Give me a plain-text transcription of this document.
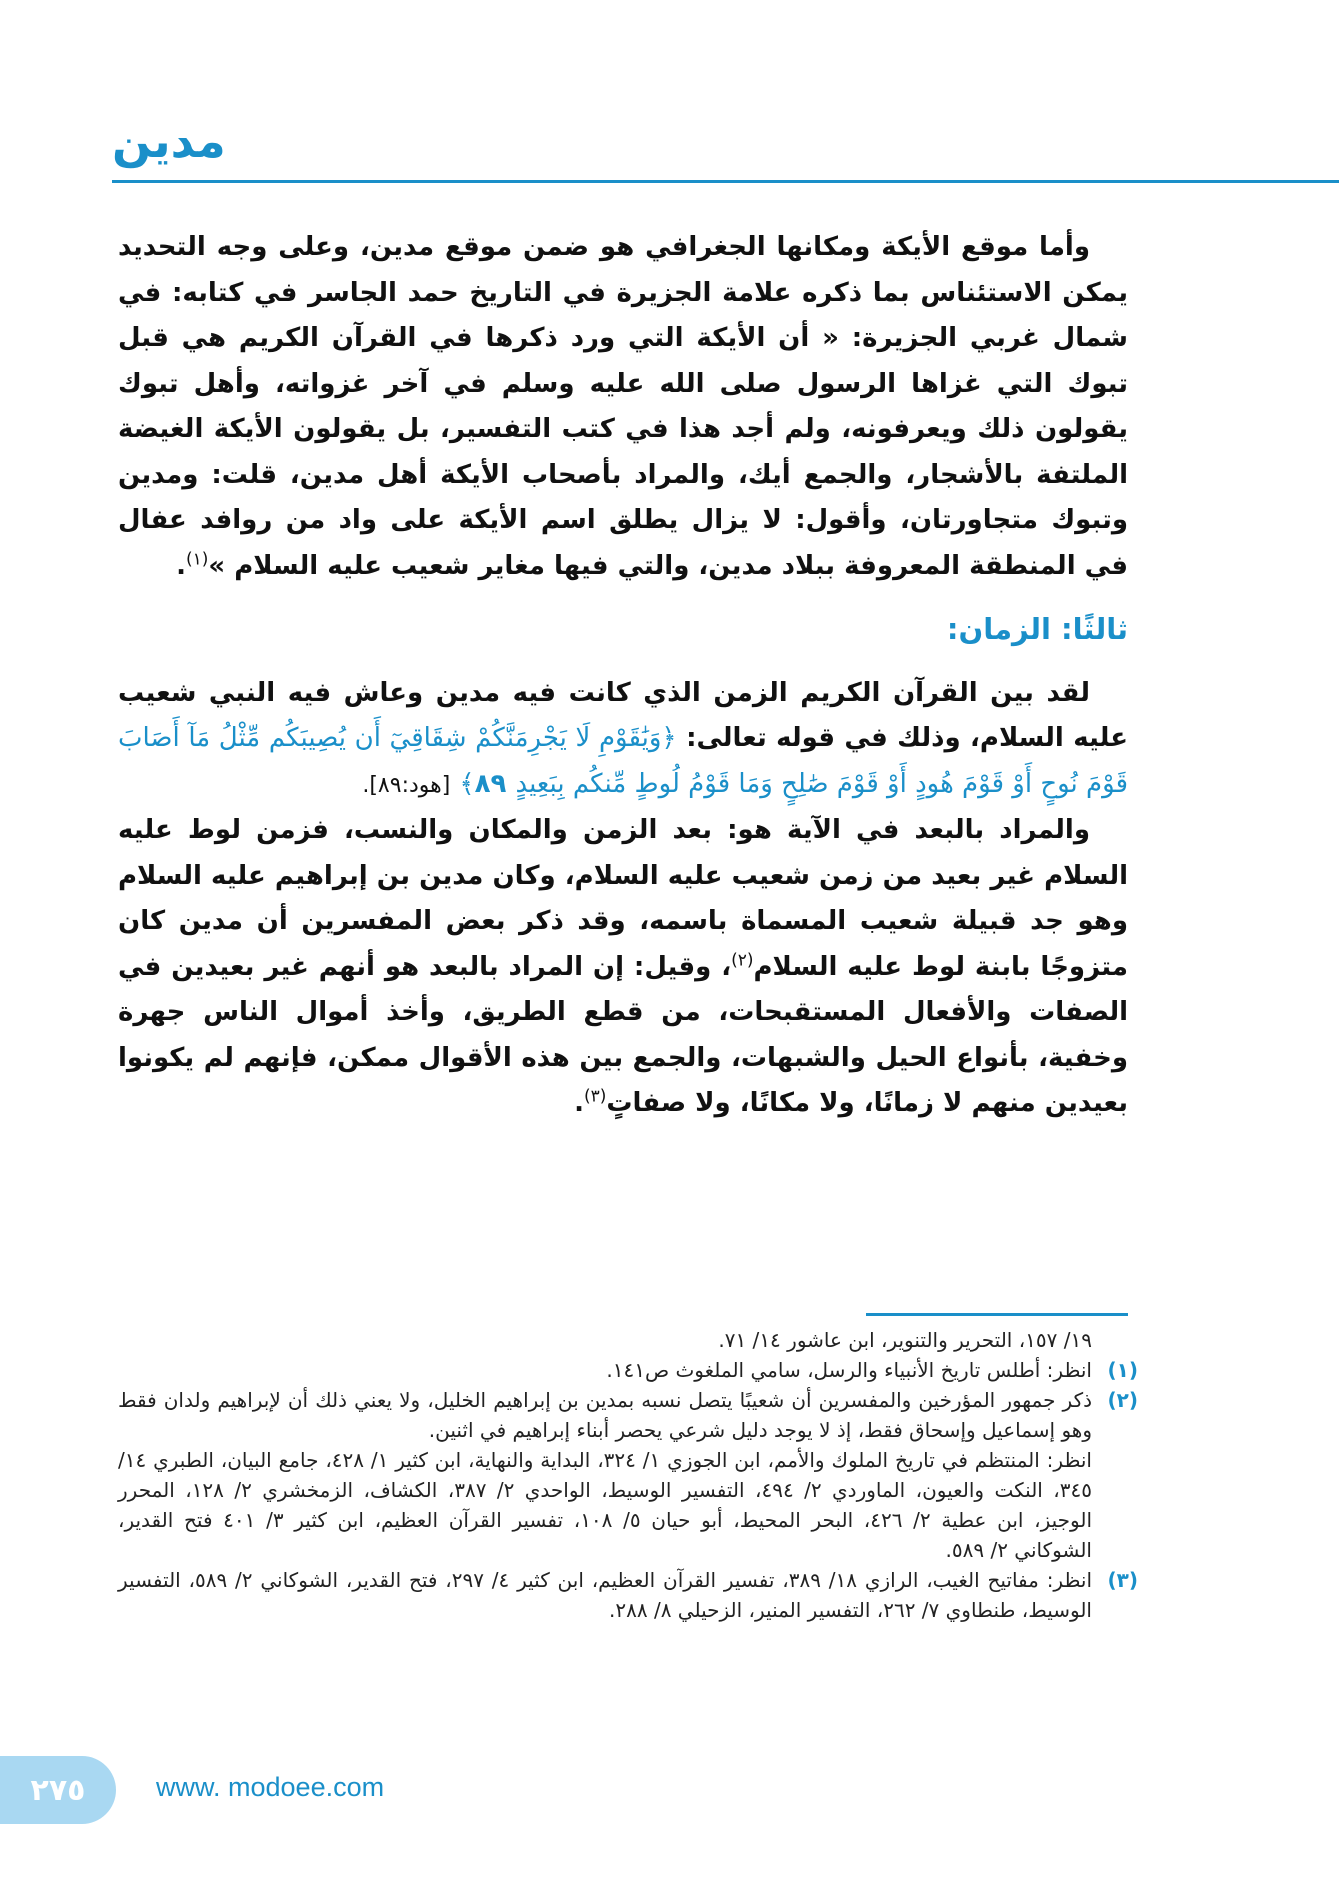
مدين

وأما موقع الأيكة ومكانها الجغرافي هو ضمن موقع مدين، وعلى وجه التحديد يمكن الاستئناس بما ذكره علامة الجزيرة في التاريخ حمد الجاسر في كتابه: في شمال غربي الجزيرة: « أن الأيكة التي ورد ذكرها في القرآن الكريم هي قبل تبوك التي غزاها الرسول صلى الله عليه وسلم في آخر غزواته، وأهل تبوك يقولون ذلك ويعرفونه، ولم أجد هذا في كتب التفسير، بل يقولون الأيكة الغيضة الملتفة بالأشجار، والجمع أيك، والمراد بأصحاب الأيكة أهل مدين، قلت: ومدين وتبوك متجاورتان، وأقول: لا يزال يطلق اسم الأيكة على واد من روافد عفال في المنطقة المعروفة ببلاد مدين، والتي فيها مغاير شعيب عليه السلام »$^{(١)}$.

ثالثًا: الزمان:

لقد بين القرآن الكريم الزمن الذي كانت فيه مدين وعاش فيه النبي شعيب عليه السلام، وذلك في قوله تعالى: ﴿وَيَٰقَوْمِ لَا يَجْرِمَنَّكُمْ شِقَاقِيٓ أَن يُصِيبَكُم مِّثْلُ مَآ أَصَابَ قَوْمَ نُوحٍ أَوْ قَوْمَ هُودٍ أَوْ قَوْمَ صَٰلِحٍ وَمَا قَوْمُ لُوطٍ مِّنكُم بِبَعِيدٍ ٨٩﴾ [هود:٨٩].

والمراد بالبعد في الآية هو: بعد الزمن والمكان والنسب، فزمن لوط عليه السلام غير بعيد من زمن شعيب عليه السلام، وكان مدين بن إبراهيم عليه السلام وهو جد قبيلة شعيب المسماة باسمه، وقد ذكر بعض المفسرين أن مدين كان متزوجًا بابنة لوط عليه السلام$^{(٢)}$، وقيل: إن المراد بالبعد هو أنهم غير بعيدين في الصفات والأفعال المستقبحات، من قطع الطريق، وأخذ أموال الناس جهرة وخفية، بأنواع الحيل والشبهات، والجمع بين هذه الأقوال ممكن، فإنهم لم يكونوا بعيدين منهم لا زمانًا، ولا مكانًا، ولا صفاتٍ$^{(٣)}$.

١٩/ ١٥٧، التحرير والتنوير، ابن عاشور ١٤/ ٧١.

(١)

انظر: أطلس تاريخ الأنبياء والرسل، سامي الملغوث ص١٤١.

(٢)

ذكر جمهور المؤرخين والمفسرين أن شعيبًا يتصل نسبه بمدين بن إبراهيم الخليل، ولا يعني ذلك أن لإبراهيم ولدان فقط وهو إسماعيل وإسحاق فقط، إذ لا يوجد دليل شرعي يحصر أبناء إبراهيم في اثنين.

انظر: المنتظم في تاريخ الملوك والأمم، ابن الجوزي ١/ ٣٢٤، البداية والنهاية، ابن كثير ١/ ٤٢٨، جامع البيان، الطبري ١٤/ ٣٤٥، النكت والعيون، الماوردي ٢/ ٤٩٤، التفسير الوسيط، الواحدي ٢/ ٣٨٧، الكشاف، الزمخشري ٢/ ١٢٨، المحرر الوجيز، ابن عطية ٢/ ٤٢٦، البحر المحيط، أبو حيان ٥/ ١٠٨، تفسير القرآن العظيم، ابن كثير ٣/ ٤٠١ فتح القدير، الشوكاني ٢/ ٥٨٩.

(٣)

انظر: مفاتيح الغيب، الرازي ١٨/ ٣٨٩، تفسير القرآن العظيم، ابن كثير ٤/ ٢٩٧، فتح القدير، الشوكاني ٢/ ٥٨٩، التفسير الوسيط، طنطاوي ٧/ ٢٦٢، التفسير المنير، الزحيلي ٨/ ٢٨٨.

٢٧٥	www. modoee.com
